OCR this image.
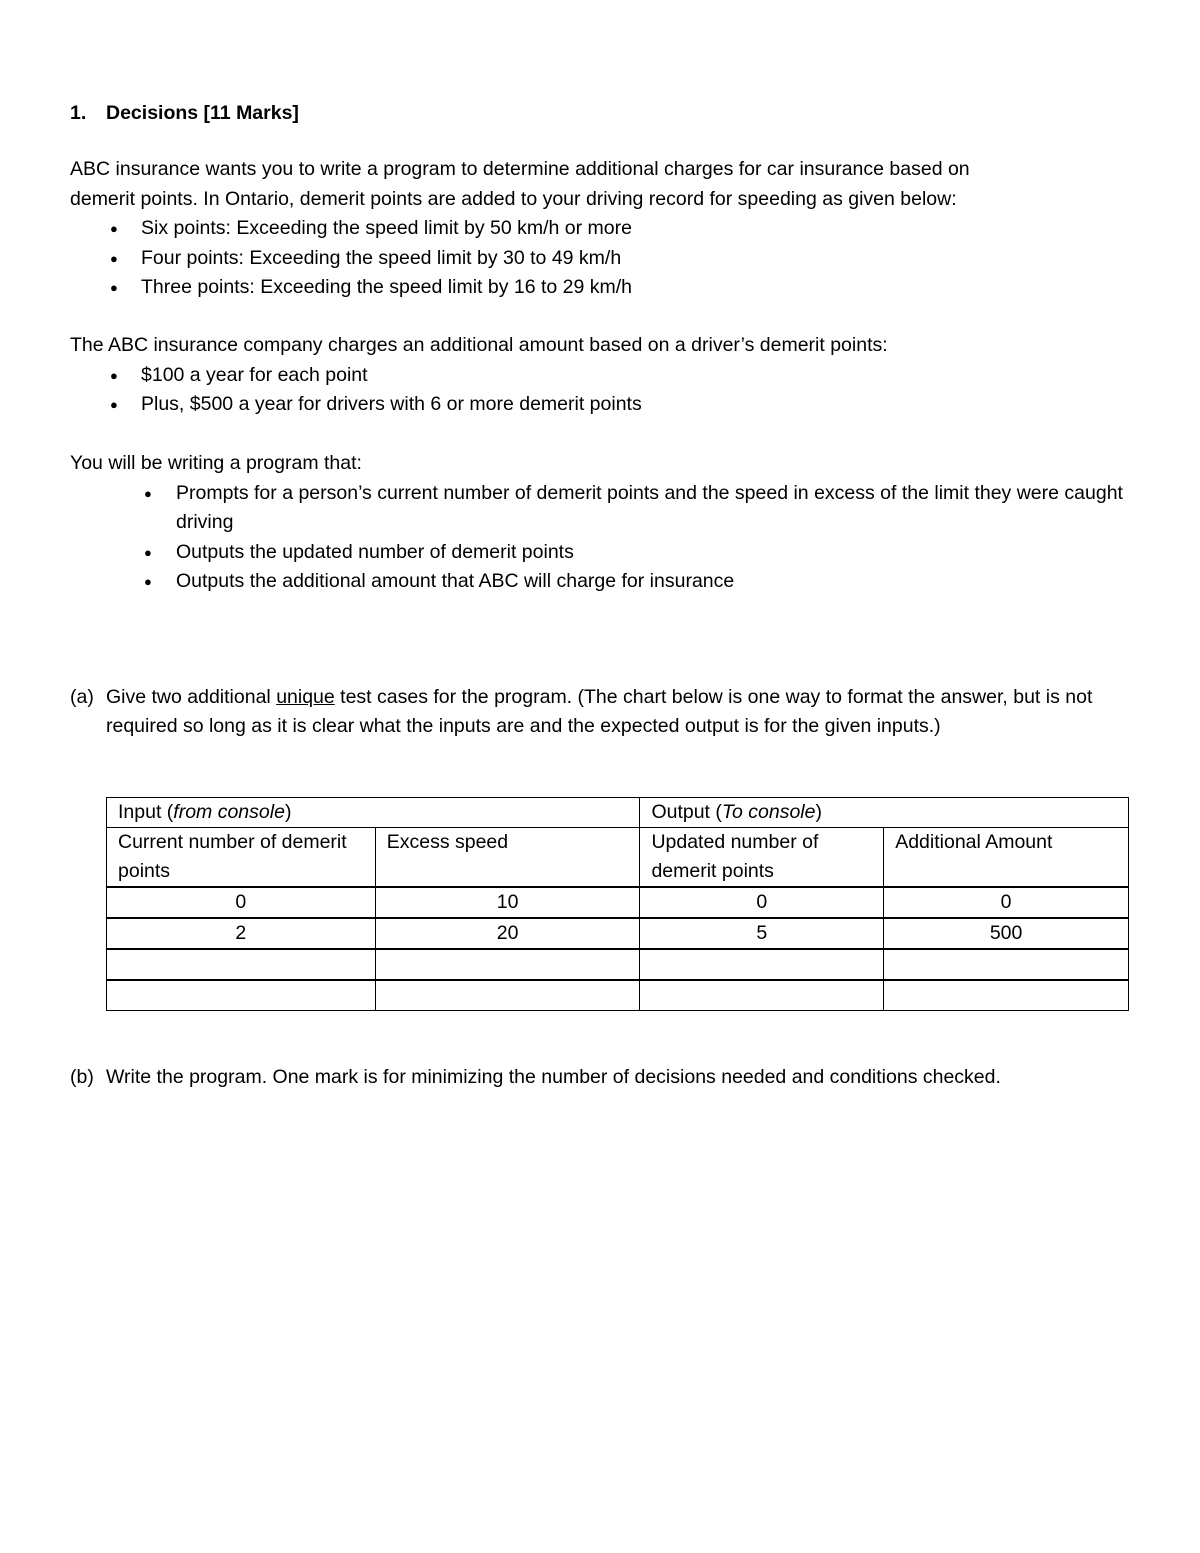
1. Decisions [11 Marks]

ABC insurance wants you to write a program to determine additional charges for car insurance based on

demerit points. In Ontario, demerit points are added to your driving record for speeding as given below:

● Six points: Exceeding the speed limit by 50 km/h or more
● Four points: Exceeding the speed limit by 30 to 49 km/h
● Three points: Exceeding the speed limit by 16 to 29 km/h

The ABC insurance company charges an additional amount based on a driver’s demerit points:

● $100 a year for each point
● Plus, $500 a year for drivers with 6 or more demerit points

You will be writing a program that:

● Prompts for a person’s current number of demerit points and the speed in excess of the limit they were caught driving
● Outputs the updated number of demerit points
● Outputs the additional amount that ABC will charge for insurance
(a) Give two additional unique test cases for the program. (The chart below is one way to format the answer, but is not required so long as it is clear what the inputs are and the expected output is for the given inputs.)
Input (from console)		Output (To console)	
Current number of demerit points	Excess speed	Updated number of demerit points	Additional Amount
0	10	0	0
2	20	5	500

(b) Write the program. One mark is for minimizing the number of decisions needed and conditions checked.
